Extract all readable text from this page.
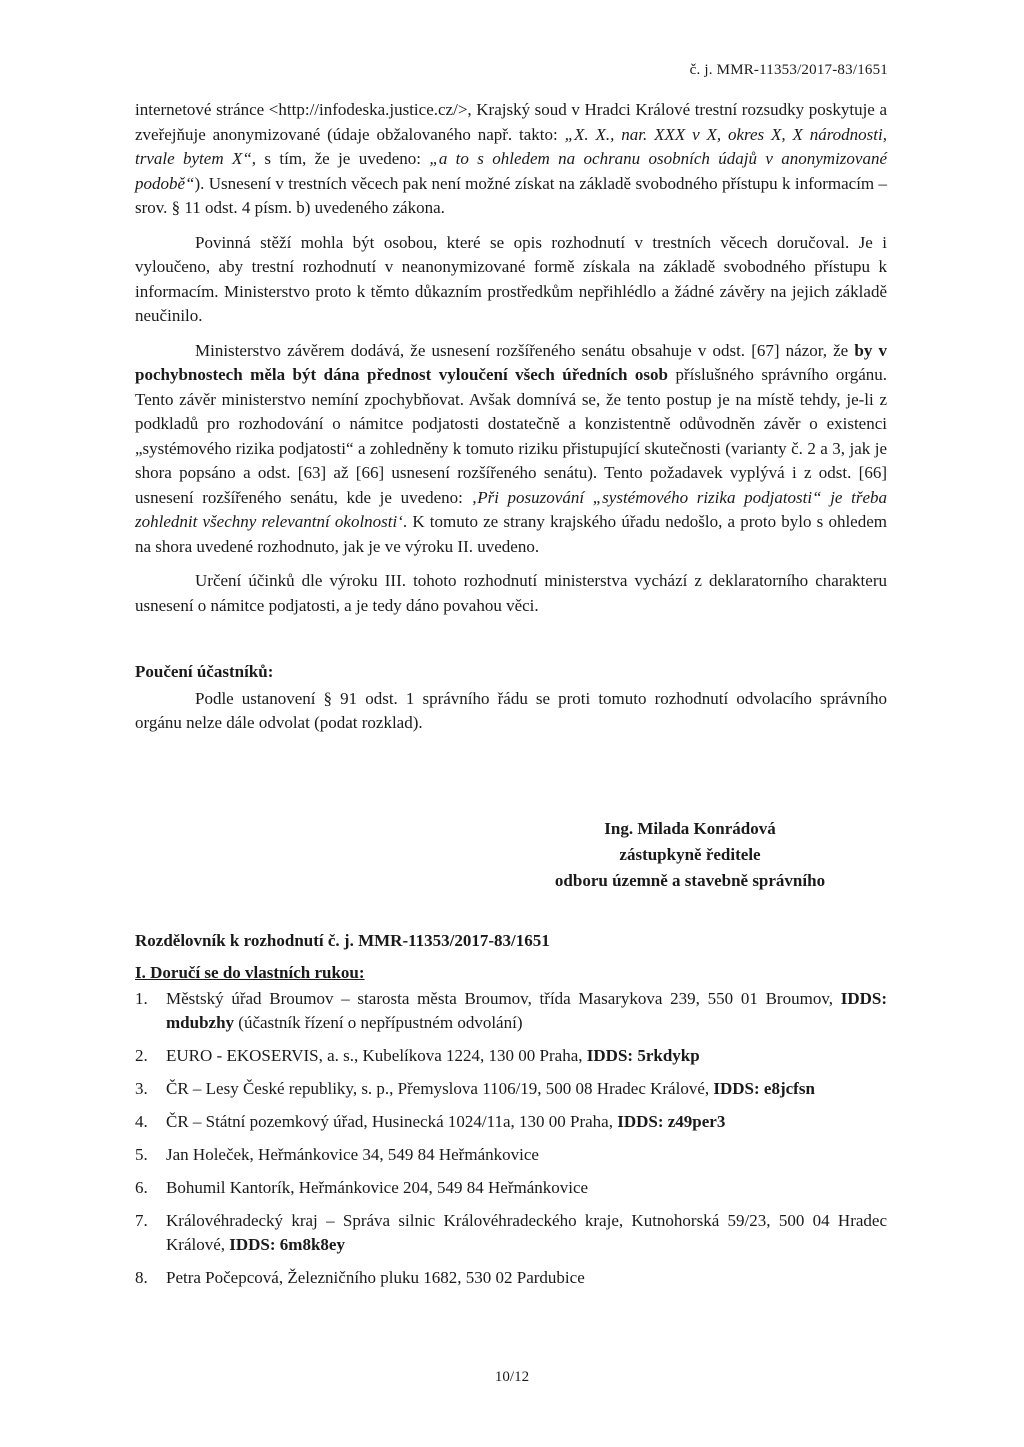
č. j. MMR-11353/2017-83/1651

internetové stránce <http://infodeska.justice.cz/>, Krajský soud v Hradci Králové trestní rozsudky poskytuje a zveřejňuje anonymizované (údaje obžalovaného např. takto: „X. X., nar. XXX v X, okres X, X národnosti, trvale bytem X“, s tím, že je uvedeno: „a to s ohledem na ochranu osobních údajů v anonymizované podobě“). Usnesení v trestních věcech pak není možné získat na základě svobodného přístupu k informacím – srov. § 11 odst. 4 písm. b) uvedeného zákona.

Povinná stěží mohla být osobou, které se opis rozhodnutí v trestních věcech doručoval. Je i vyloučeno, aby trestní rozhodnutí v neanonymizované formě získala na základě svobodného přístupu k informacím. Ministerstvo proto k těmto důkazním prostředkům nepřihlédlo a žádné závěry na jejich základě neučinilo.

Ministerstvo závěrem dodává, že usnesení rozšířeného senátu obsahuje v odst. [67] názor, že by v pochybnostech měla být dána přednost vyloučení všech úředních osob příslušného správního orgánu. Tento závěr ministerstvo nemíní zpochybňovat. Avšak domnívá se, že tento postup je na místě tehdy, je-li z podkladů pro rozhodování o námitce podjatosti dostatečně a konzistentně odůvodněn závěr o existenci „systémového rizika podjatosti“ a zohledněny k tomuto riziku přistupující skutečnosti (varianty č. 2 a 3, jak je shora popsáno a odst. [63] až [66] usnesení rozšířeného senátu). Tento požadavek vyplývá i z odst. [66] usnesení rozšířeného senátu, kde je uvedeno: ‚Při posuzování „systémového rizika podjatosti“ je třeba zohlednit všechny relevantní okolnosti‘. K tomuto ze strany krajského úřadu nedošlo, a proto bylo s ohledem na shora uvedené rozhodnuto, jak je ve výroku II. uvedeno.

Určení účinků dle výroku III. tohoto rozhodnutí ministerstva vychází z deklaratorního charakteru usnesení o námitce podjatosti, a je tedy dáno povahou věci.

Poučení účastníků:

Podle ustanovení § 91 odst. 1 správního řádu se proti tomuto rozhodnutí odvolacího správního orgánu nelze dále odvolat (podat rozklad).

Ing. Milada Konrádová
zástupkyně ředitele
odboru územně a stavebně správního
Rozdělovník k rozhodnutí č. j. MMR-11353/2017-83/1651
I. Doručí se do vlastních rukou:
1.	Městský úřad Broumov – starosta města Broumov, třída Masarykova 239, 550 01 Broumov, IDDS: mdubzhy (účastník řízení o nepřípustném odvolání)
2.	EURO - EKOSERVIS, a. s., Kubelíkova 1224, 130 00 Praha, IDDS: 5rkdykp
3.	ČR – Lesy České republiky, s. p., Přemyslova 1106/19, 500 08 Hradec Králové, IDDS: e8jcfsn
4.	ČR – Státní pozemkový úřad, Husinecká 1024/11a, 130 00 Praha, IDDS: z49per3
5.	Jan Holeček, Heřmánkovice 34, 549 84 Heřmánkovice
6.	Bohumil Kantorík, Heřmánkovice 204, 549 84 Heřmánkovice
7.	Královéhradecký kraj – Správa silnic Královéhradeckého kraje, Kutnohorská 59/23, 500 04 Hradec Králové, IDDS: 6m8k8ey
8.	Petra Počepcová, Železničního pluku 1682, 530 02 Pardubice
10/12
